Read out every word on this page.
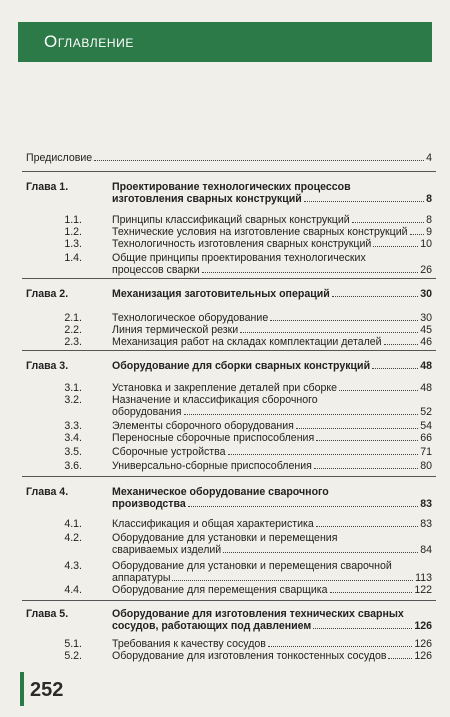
Оглавление
Предисловие	4
Глава 1.	Проектирование технологических процессов
изготовления сварных конструкций	8
1.1.	Принципы классификаций сварных конструкций	8
1.2.	Технические условия на изготовление сварных конструкций 9
1.3.	Технологичность изготовления сварных конструкций	10
1.4.	Общие принципы проектирования технологических
процессов сварки	26
Глава 2.	Механизация заготовительных операций	30
2.1.	Технологическое оборудование	30
2.2.	Линия термической резки	45
2.3.	Механизация работ на складах комплектации деталей	46
Глава 3.	Оборудование для сборки сварных конструкций	48
3.1.	Установка и закрепление деталей при сборке	48
3.2.	Назначение и классификация сборочного
оборудования	52
3.3.	Элементы сборочного оборудования	54
3.4.	Переносные сборочные приспособления	66
3.5.	Сборочные устройства	71
3.6.	Универсально-сборные приспособления	80
Глава 4.	Механическое оборудование сварочного
производства	83
4.1.	Классификация и общая характеристика	83
4.2.	Оборудование для установки и перемещения
свариваемых изделий	84
4.3.	Оборудование для установки и перемещения сварочной
аппаратуры	113
4.4.	Оборудование для перемещения сварщика	122
Глава 5.	Оборудование для изготовления технических сварных
сосудов, работающих под давлением	126
5.1.	Требования к качеству сосудов	126
5.2.	Оборудование для изготовления тонкостенных сосудов	126
252
